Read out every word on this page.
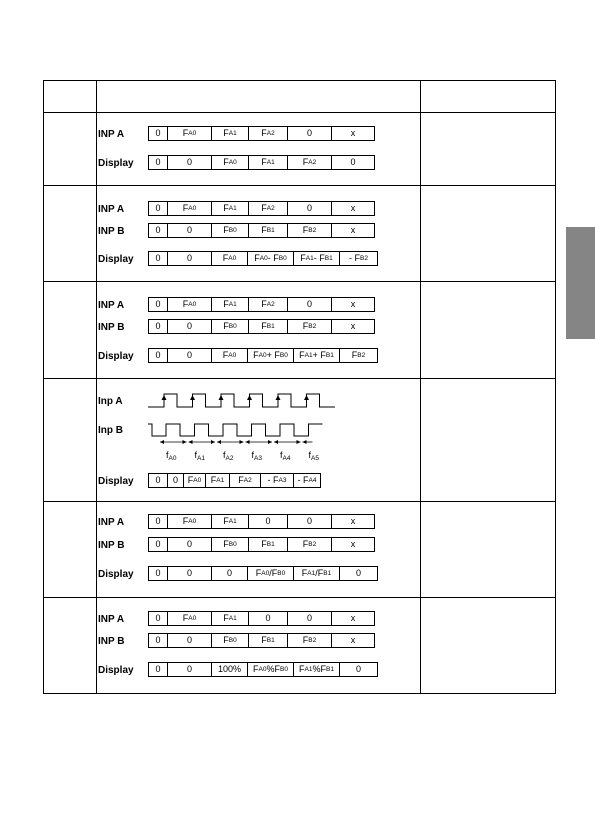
INP A	0	F A0	F A1	F A2	0	x
Display	0	0	F A0	F A1	F A2	0
INP A	0	F A0	F A1	F A2	0	x
INP B	0	0	F B0	F B1	F B2	x
Display	0	0	F A0	F A0 - F B0	F A1 - F B1	- F B2
INP A	0	F A0	F A1	F A2	0	x
INP B	0	0	F B0	F B1	F B2	x
Display	0	0	F A0	F A0 + F B0	F A1 + F B1	F B2
Display	0	0	F A0	F A1	F A2	- F A3	- F A4
INP A	0	F A0	F A1	0	0	x
INP B	0	0	F B0	F B1	F B2	x
Display	0	0	0	F A0 /F B0	F A1 /F B1	0
INP A	0	F A0	F A1	0	0	x
INP B	0	0	F B0	F B1	F B2	x
Display	0	0	100%	F A0 %F B0	F A1 %F B1	0
Inp A
Inp B
$f_{A0}$ $f_{A1}$ $f_{A2}$ $f_{A3}$ $f_{A4}$ $f_{A5}$
